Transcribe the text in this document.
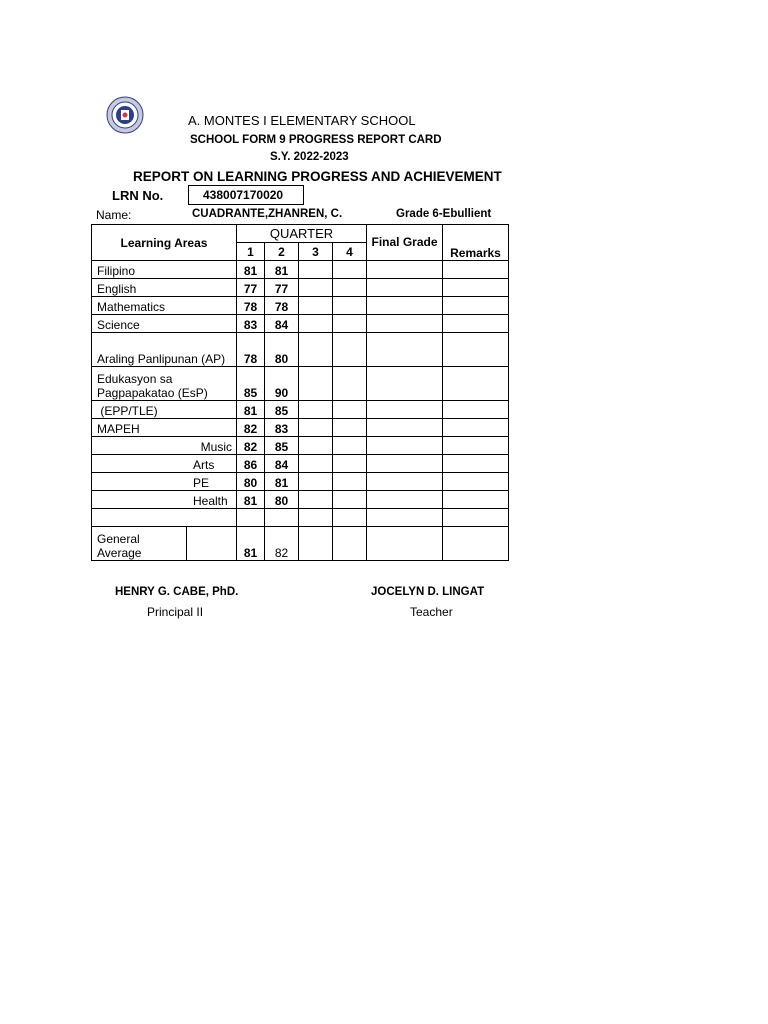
A. MONTES I ELEMENTARY SCHOOL
SCHOOL FORM 9 PROGRESS REPORT CARD
S.Y. 2022-2023
REPORT ON LEARNING PROGRESS AND ACHIEVEMENT
LRN No.	438007170020
Name:	CUADRANTE,ZHANREN, C.	Grade 6-Ebullient
Learning Areas		QUARTER				Final Grade	Remarks
		1	2	3	4		
Filipino		81	81				
English		77	77				
Mathematics		78	78				
Science		83	84				
Araling Panlipunan (AP)		78	80				
Edukasyon sa Pagpapakatao (EsP)		85	90				
(EPP/TLE)		81	85				
MAPEH		82	83				
Music		82	85				
Arts		86	84				
PE		80	81				
Health		81	80				

General Average		81	82				
HENRY G. CABE, PhD.
Principal II
JOCELYN D. LINGAT
Teacher
